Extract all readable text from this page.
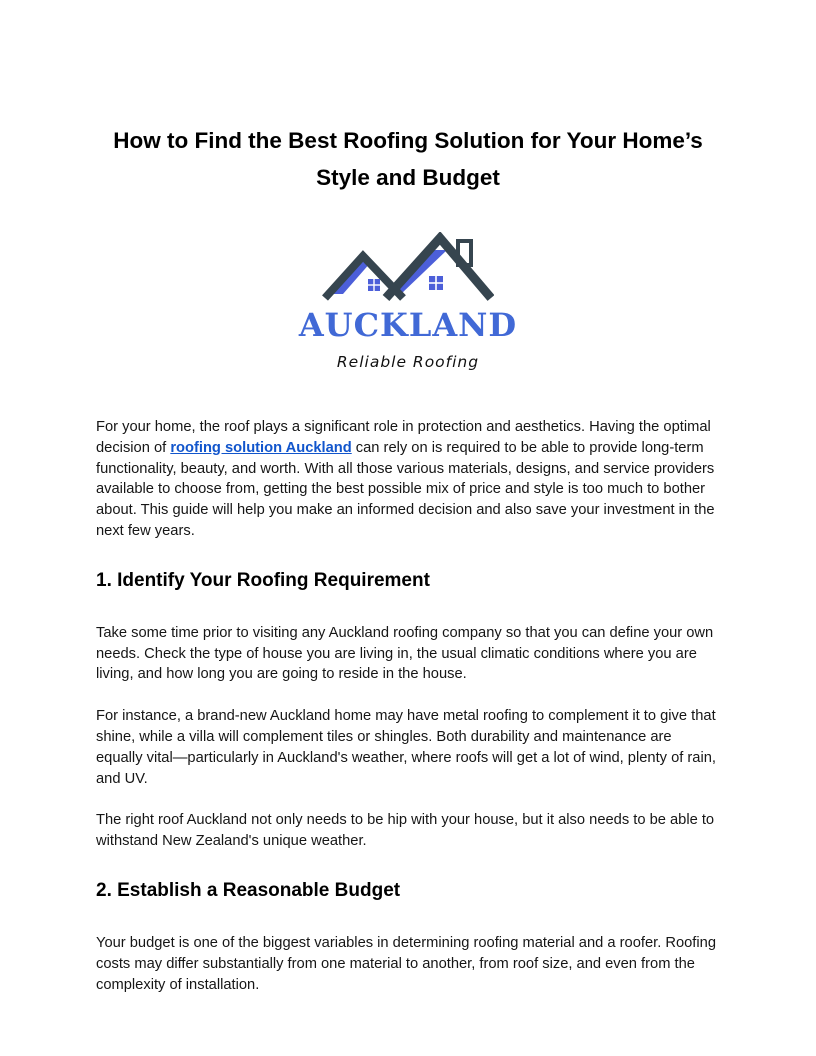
How to Find the Best Roofing Solution for Your Home’s
Style and Budget
AUCKLAND
Reliable Roofing

For your home, the roof plays a significant role in protection and aesthetics. Having the optimal decision of roofing solution Auckland can rely on is required to be able to provide long-term functionality, beauty, and worth. With all those various materials, designs, and service providers available to choose from, getting the best possible mix of price and style is too much to bother about. This guide will help you make an informed decision and also save your investment in the next few years.

1. Identify Your Roofing Requirement

Take some time prior to visiting any Auckland roofing company so that you can define your own needs. Check the type of house you are living in, the usual climatic conditions where you are living, and how long you are going to reside in the house.

For instance, a brand-new Auckland home may have metal roofing to complement it to give that shine, while a villa will complement tiles or shingles. Both durability and maintenance are equally vital—particularly in Auckland's weather, where roofs will get a lot of wind, plenty of rain, and UV.

The right roof Auckland not only needs to be hip with your house, but it also needs to be able to withstand New Zealand's unique weather.

2. Establish a Reasonable Budget

Your budget is one of the biggest variables in determining roofing material and a roofer. Roofing costs may differ substantially from one material to another, from roof size, and even from the complexity of installation.
